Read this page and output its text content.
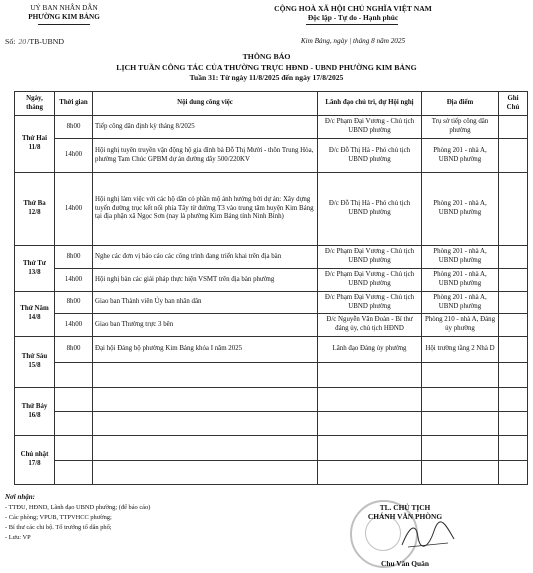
UỶ BAN NHÂN DÂN
PHƯỜNG KIM BẢNG
Số: 20/TB-UBND
CỘNG HOÀ XÃ HỘI CHỦ NGHĨA VIỆT NAM
Độc lập - Tự do - Hạnh phúc
Kim Bảng, ngày | tháng 8 năm 2025
THÔNG BÁO
LỊCH TUẦN CÔNG TÁC CỦA THƯỜNG TRỰC HĐND - UBND PHƯỜNG KIM BẢNG
Tuần 31: Từ ngày 11/8/2025 đến ngày 17/8/2025
Ngày, tháng	Thời gian	Nội dung công việc	Lãnh đạo chủ trì, dự Hội nghị	Địa điểm	Ghi Chú

Thứ Hai
11/8	8h00	Tiếp công dân định kỳ tháng 8/2025	Đ/c Phạm Đại Vương - Chủ tịch UBND phường	Trụ sở tiếp công dân phường	
	14h00	Hội nghị tuyên truyền vận động hộ gia đình bà Đỗ Thị Mười - thôn Trung Hòa, phường Tam Chúc GPBM dự án đường dây 500/220KV	Đ/c Đỗ Thị Hà - Phó chủ tịch UBND phường	Phòng 201 - nhà A, UBND phường	

Thứ Ba
12/8	14h00	Hội nghị làm việc với các hộ dân có phần mộ ảnh hưởng bởi dự án: Xây dựng tuyến đường trục kết nối phía Tây từ đường T3 vào trung tâm huyện Kim Bảng tại địa phận xã Ngọc Sơn (nay là phường Kim Bảng tỉnh Ninh Bình)	Đ/c Đỗ Thị Hà - Phó chủ tịch UBND phường	Phòng 201 - nhà A, UBND phường	

Thứ Tư
13/8	8h00	Nghe các đơn vị báo cáo các công trình đang triển khai trên địa bàn	Đ/c Phạm Đại Vương - Chủ tịch UBND phường	Phòng 201 - nhà A, UBND phường	
	14h00	Hội nghị bàn các giải pháp thực hiện VSMT trên địa bàn phường	Đ/c Phạm Đại Vương - Chủ tịch UBND phường	Phòng 201 - nhà A, UBND phường	

Thứ Năm
14/8	8h00	Giao ban Thành viên Ủy ban nhân dân	Đ/c Phạm Đại Vương - Chủ tịch UBND phường	Phòng 201 - nhà A, UBND phường	
	14h00	Giao ban Thường trực 3 bên	Đ/c Nguyễn Văn Đoàn - Bí thư đảng ủy, chủ tịch HĐND	Phòng 210 - nhà A, Đảng ủy phường	

Thứ Sáu
15/8	8h00	Đại hội Đảng bộ phường Kim Bảng khóa I năm 2025	Lãnh đạo Đảng ủy phường	Hội trường tầng 2 Nhà D	

Thứ Bảy
16/8					

Chủ nhật
17/8					

Nơi nhận:
- TTĐU, HĐND, Lãnh đạo UBND phường; (để báo cáo)
- Các phòng; VPUB, TTPVHCC phường;
- Bí thư các chi bộ. Tổ trưởng tổ dân phố;
- Lưu: VP
TL. CHỦ TỊCH
CHÁNH VĂN PHÒNG
Chu Văn Quân
